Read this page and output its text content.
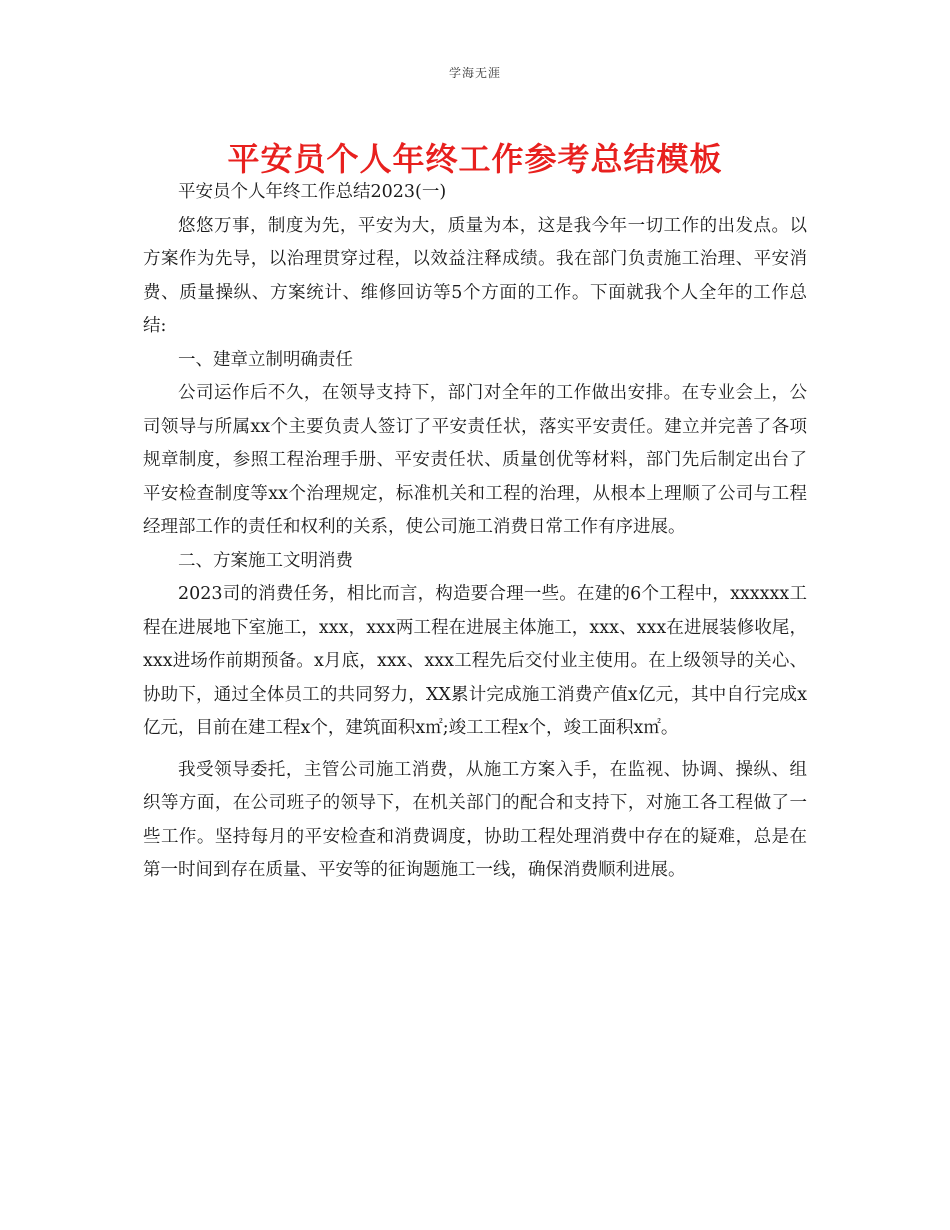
学海无涯
平安员个人年终工作参考总结模板

平安员个人年终工作总结2023(一)

悠悠万事，制度为先，平安为大，质量为本，这是我今年一切工作的出发点。以方案作为先导，以治理贯穿过程，以效益注释成绩。我在部门负责施工治理、平安消费、质量操纵、方案统计、维修回访等5个方面的工作。下面就我个人全年的工作总结:

一、建章立制明确责任

公司运作后不久，在领导支持下，部门对全年的工作做出安排。在专业会上，公司领导与所属xx个主要负责人签订了平安责任状，落实平安责任。建立并完善了各项规章制度，参照工程治理手册、平安责任状、质量创优等材料，部门先后制定出台了平安检查制度等xx个治理规定，标准机关和工程的治理，从根本上理顺了公司与工程经理部工作的责任和权利的关系，使公司施工消费日常工作有序进展。

二、方案施工文明消费

2023司的消费任务，相比而言，构造要合理一些。在建的6个工程中，xxxxxx工程在进展地下室施工，xxx，xxx两工程在进展主体施工，xxx、xxx在进展装修收尾，xxx进场作前期预备。x月底，xxx、xxx工程先后交付业主使用。在上级领导的关心、协助下，通过全体员工的共同努力，XX累计完成施工消费产值x亿元，其中自行完成x亿元，目前在建工程x个，建筑面积x㎡;竣工工程x个，竣工面积x㎡。

我受领导委托，主管公司施工消费，从施工方案入手，在监视、协调、操纵、组织等方面，在公司班子的领导下，在机关部门的配合和支持下，对施工各工程做了一些工作。坚持每月的平安检查和消费调度，协助工程处理消费中存在的疑难，总是在第一时间到存在质量、平安等的征询题施工一线，确保消费顺利进展。
